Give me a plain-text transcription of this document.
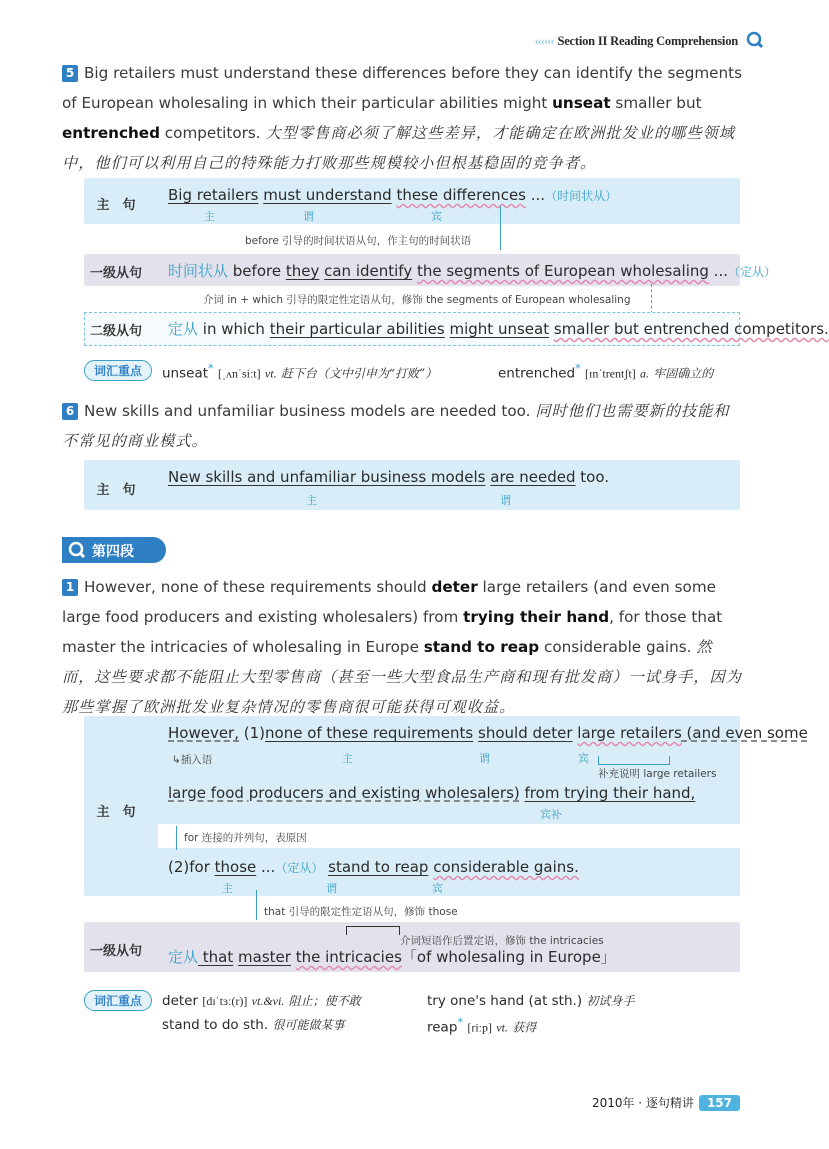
‹‹‹‹‹‹ Section II Reading Comprehension
5 Big retailers must understand these differences before they can identify the segments of European wholesaling in which their particular abilities might unseat smaller but entrenched competitors. 大型零售商必须了解这些差异，才能确定在欧洲批发业的哪些领域中，他们可以利用自己的特殊能力打败那些规模较小但根基稳固的竞争者。
主　句
Big retailers must understand these differences ...（时间状从）
主	谓	宾
before 引导的时间状语从句，作主句的时间状语
一级从句	时间状从 before they can identify the segments of European wholesaling ...（定从）
介词 in + which 引导的限定性定语从句，修饰 the segments of European wholesaling
二级从句	定从 in which their particular abilities might unseat smaller but entrenched competitors.
词汇重点	unseat* [ˌʌnˈsiːt] vt. 赶下台（文中引申为“打败”）	entrenched* [ɪnˈtrentʃt] a. 牢固确立的
6 New skills and unfamiliar business models are needed too. 同时他们也需要新的技能和不常见的商业模式。
主　句
New skills and unfamiliar business models are needed too.
主	谓
第四段
1 However, none of these requirements should deter large retailers (and even some large food producers and existing wholesalers) from trying their hand, for those that master the intricacies of wholesaling in Europe stand to reap considerable gains. 然而，这些要求都不能阻止大型零售商（甚至一些大型食品生产商和现有批发商）一试身手，因为那些掌握了欧洲批发业复杂情况的零售商很可能获得可观收益。
主　句
However, (1)none of these requirements should deter large retailers (and even some
↳插入语	主	谓	宾
补充说明 large retailers
large food producers and existing wholesalers) from trying their hand,
宾补
for 连接的并列句，表原因
(2)for those ...（定从） stand to reap considerable gains.
主	谓	宾
that 引导的限定性定语从句，修饰 those
一级从句
介词短语作后置定语，修饰 the intricacies
定从 that master the intricacies「of wholesaling in Europe」
词汇重点	deter [dɪˈtɜː(r)] vt.&vi. 阻止；使不敢	try one's hand (at sth.) 初试身手
stand to do sth. 很可能做某事	reap* [riːp] vt. 获得
2010年 · 逐句精讲 157
